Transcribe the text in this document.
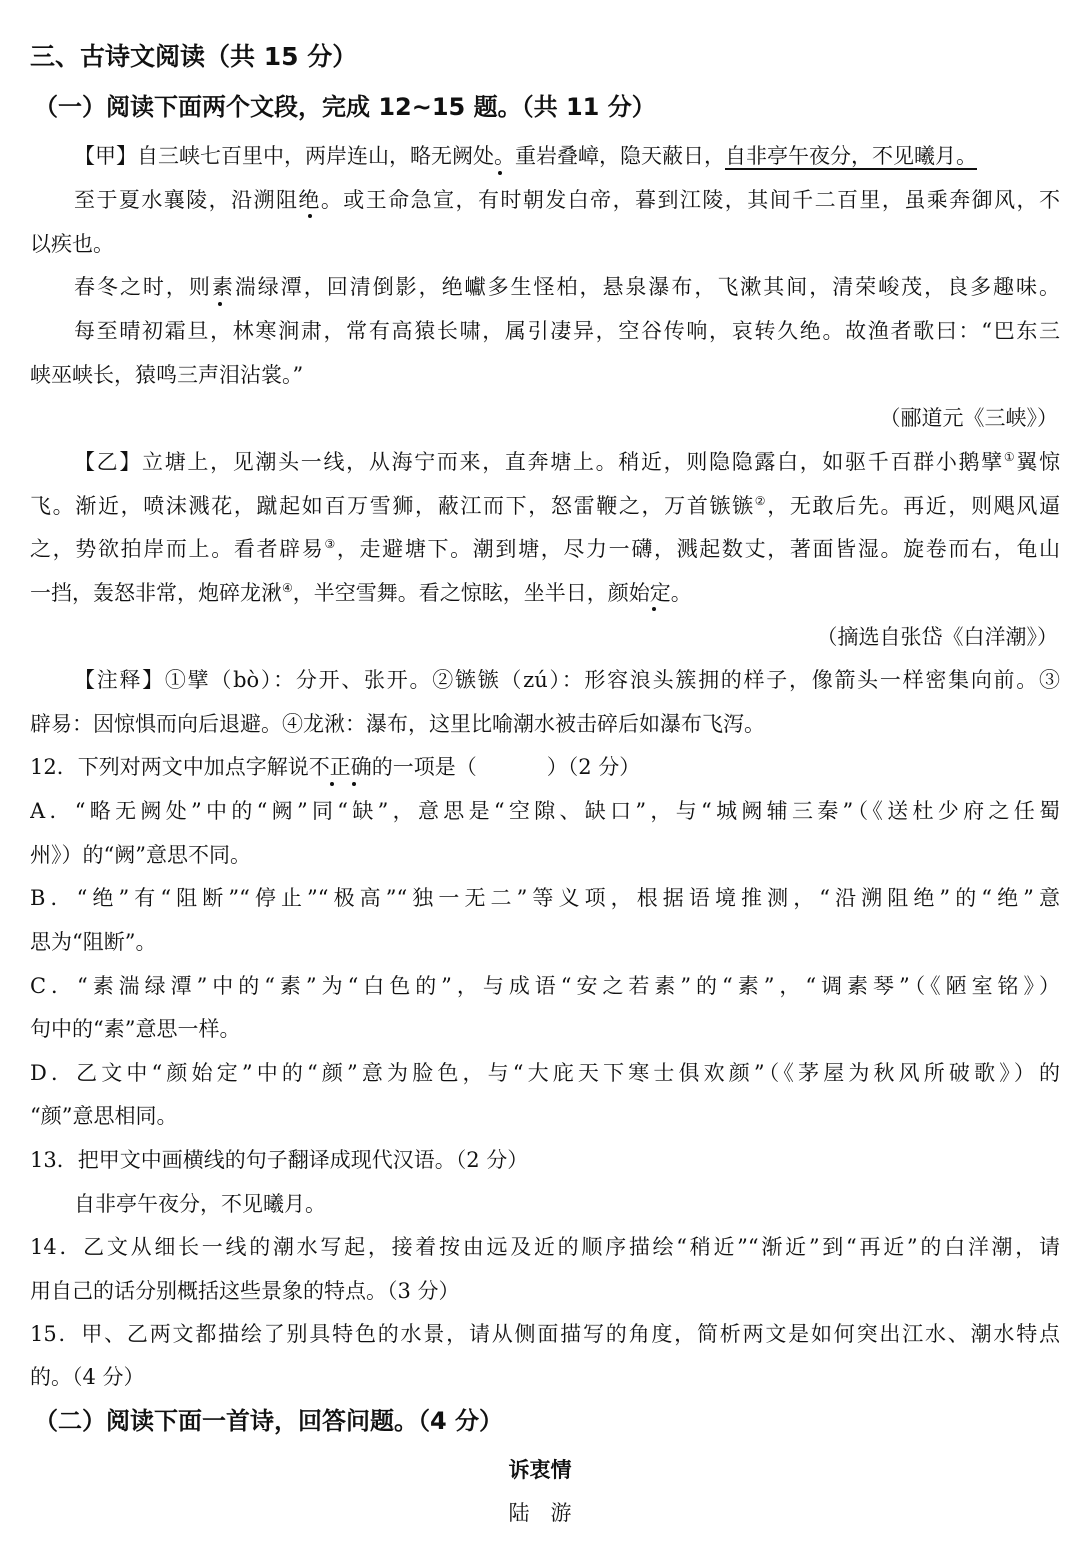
三、古诗文阅读（共 15 分）
（一）阅读下面两个文段，完成 12~15 题。（共 11 分）
【甲】自三峡七百里中，两岸连山，略无阙处。重岩叠嶂，隐天蔽日，自非亭午夜分，不见曦月。
至于夏水襄陵，沿溯阻绝。或王命急宣，有时朝发白帝，暮到江陵，其间千二百里，虽乘奔御风，不
以疾也。
春冬之时，则素湍绿潭，回清倒影，绝巘多生怪柏，悬泉瀑布，飞漱其间，清荣峻茂，良多趣味。
每至晴初霜旦，林寒涧肃，常有高猿长啸，属引凄异，空谷传响，哀转久绝。故渔者歌曰：“巴东三
峡巫峡长，猿鸣三声泪沾裳。”
（郦道元《三峡》）
【乙】立塘上，见潮头一线，从海宁而来，直奔塘上。稍近，则隐隐露白，如驱千百群小鹅擘①翼惊
飞。渐近，喷沫溅花，蹴起如百万雪狮，蔽江而下，怒雷鞭之，万首镞镞②，无敢后先。再近，则飓风逼
之，势欲拍岸而上。看者辟易③，走避塘下。潮到塘，尽力一礴，溅起数丈，著面皆湿。旋卷而右，龟山
一挡，轰怒非常，炮碎龙湫④，半空雪舞。看之惊眩，坐半日，颜始定。
（摘选自张岱《白洋潮》）
【注释】①擘（bò）：分开、张开。②镞镞（zú）：形容浪头簇拥的样子，像箭头一样密集向前。③
辟易：因惊惧而向后退避。④龙湫：瀑布，这里比喻潮水被击碎后如瀑布飞泻。
12．下列对两文中加点字解说不正确的一项是（	）（2 分）
A．“略无阙处”中的“阙”同“缺”，意思是“空隙、缺口”，与“城阙辅三秦”（《送杜少府之任蜀
州》）的“阙”意思不同。
B．“绝”有“阻断”“停止”“极高”“独一无二”等义项，根据语境推测，“沿溯阻绝”的“绝”意
思为“阻断”。
C．“素湍绿潭”中的“素”为“白色的”，与成语“安之若素”的“素”，“调素琴”（《陋室铭》）
句中的“素”意思一样。
D．乙文中“颜始定”中的“颜”意为脸色，与“大庇天下寒士俱欢颜”（《茅屋为秋风所破歌》）的
“颜”意思相同。
13．把甲文中画横线的句子翻译成现代汉语。（2 分）
自非亭午夜分，不见曦月。
14．乙文从细长一线的潮水写起，接着按由远及近的顺序描绘“稍近”“渐近”到“再近”的白洋潮，请
用自己的话分别概括这些景象的特点。（3 分）
15．甲、乙两文都描绘了别具特色的水景，请从侧面描写的角度，简析两文是如何突出江水、潮水特点
的。（4 分）
（二）阅读下面一首诗，回答问题。（4 分）
诉衷情
陆　游
